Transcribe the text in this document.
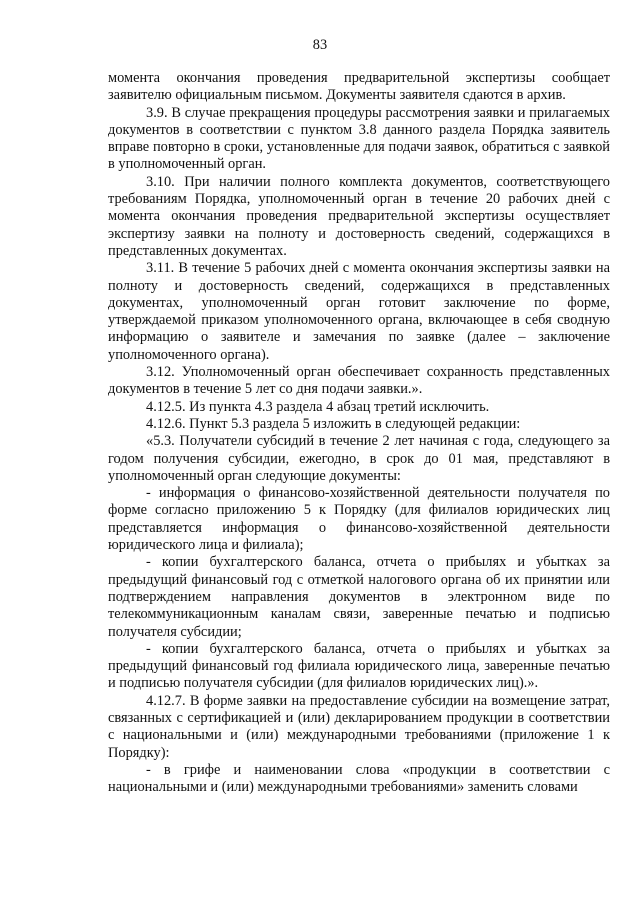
83

момента окончания проведения предварительной экспертизы сообщает заявителю официальным письмом. Документы заявителя сдаются в архив.

3.9. В случае прекращения процедуры рассмотрения заявки и прилагаемых документов в соответствии с пунктом 3.8 данного раздела Порядка заявитель вправе повторно в сроки, установленные для подачи заявок, обратиться с заявкой в уполномоченный орган.

3.10. При наличии полного комплекта документов, соответствующего требованиям Порядка, уполномоченный орган в течение 20 рабочих дней с момента окончания проведения предварительной экспертизы осуществляет экспертизу заявки на полноту и достоверность сведений, содержащихся в представленных документах.

3.11. В течение 5 рабочих дней с момента окончания экспертизы заявки на полноту и достоверность сведений, содержащихся в представленных документах, уполномоченный орган готовит заключение по форме, утверждаемой приказом уполномоченного органа, включающее в себя сводную информацию о заявителе и замечания по заявке (далее – заключение уполномоченного органа).

3.12. Уполномоченный орган обеспечивает сохранность представленных документов в течение 5 лет со дня подачи заявки.».

4.12.5. Из пункта 4.3 раздела 4 абзац третий исключить.

4.12.6. Пункт 5.3 раздела 5 изложить в следующей редакции:

«5.3. Получатели субсидий в течение 2 лет начиная с года, следующего за годом получения субсидии, ежегодно, в срок до 01 мая, представляют в уполномоченный орган следующие документы:

- информация о финансово-хозяйственной деятельности получателя по форме согласно приложению 5 к Порядку (для филиалов юридических лиц представляется информация о финансово-хозяйственной деятельности юридического лица и филиала);

- копии бухгалтерского баланса, отчета о прибылях и убытках за предыдущий финансовый год с отметкой налогового органа об их принятии или подтверждением направления документов в электронном виде по телекоммуникационным каналам связи, заверенные печатью и подписью получателя субсидии;

- копии бухгалтерского баланса, отчета о прибылях и убытках за предыдущий финансовый год филиала юридического лица, заверенные печатью и подписью получателя субсидии (для филиалов юридических лиц).».

4.12.7. В форме заявки на предоставление субсидии на возмещение затрат, связанных с сертификацией и (или) декларированием продукции в соответствии с национальными и (или) международными требованиями (приложение 1 к Порядку):

- в грифе и наименовании слова «продукции в соответствии с национальными и (или) международными требованиями» заменить словами
